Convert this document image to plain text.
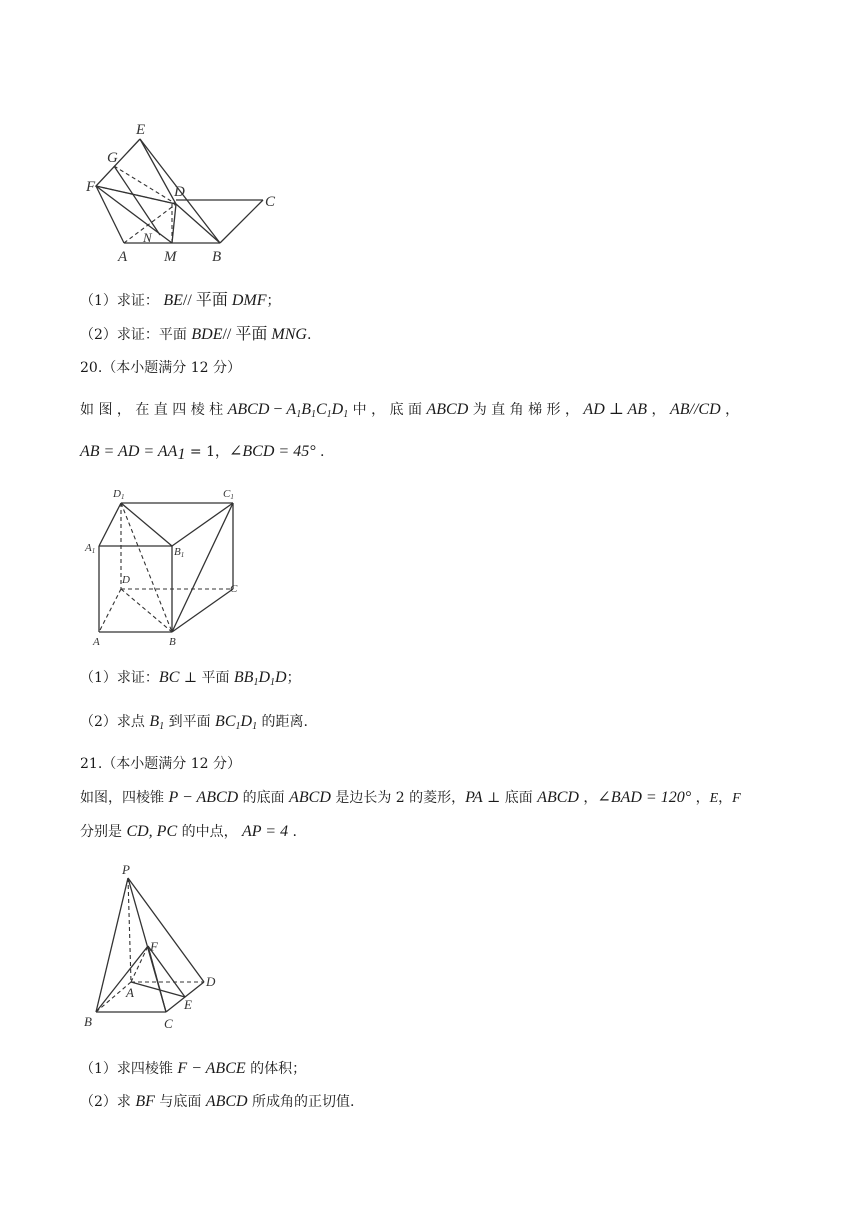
E
G
F	D
C
N
A M B
（1）求证： BE// 平面 DMF；
（2）求证：平面 BDE// 平面 MNG.
20.（本小题满分 12 分）
如 图 ， 在 直 四 棱 柱 ABCD − $A_1B_1C_1D_1$ 中 ， 底 面 ABCD 为 直 角 梯 形 ， AD ⊥ AB ， AB//CD ，
AB = AD = $AA_1 = 1$，∠BCD = 45° .
D1	C1
A1	B1
D
C
A	B
（1）求证：BC ⊥ 平面 $BB_1D_1D$；
（2）求点 $B_1$ 到平面 $BC_1D_1$ 的距离.
21.（本小题满分 12 分）
如图，四棱锥 P − ABCD 的底面 ABCD 是边长为 2 的菱形，PA ⊥ 底面 ABCD ，∠BAD = 120° ，E，F
分别是 CD, PC 的中点， AP = 4 .
P
F
D
A
E
B	C
（1）求四棱锥 F − ABCE 的体积；
（2）求 BF 与底面 ABCD 所成角的正切值.
